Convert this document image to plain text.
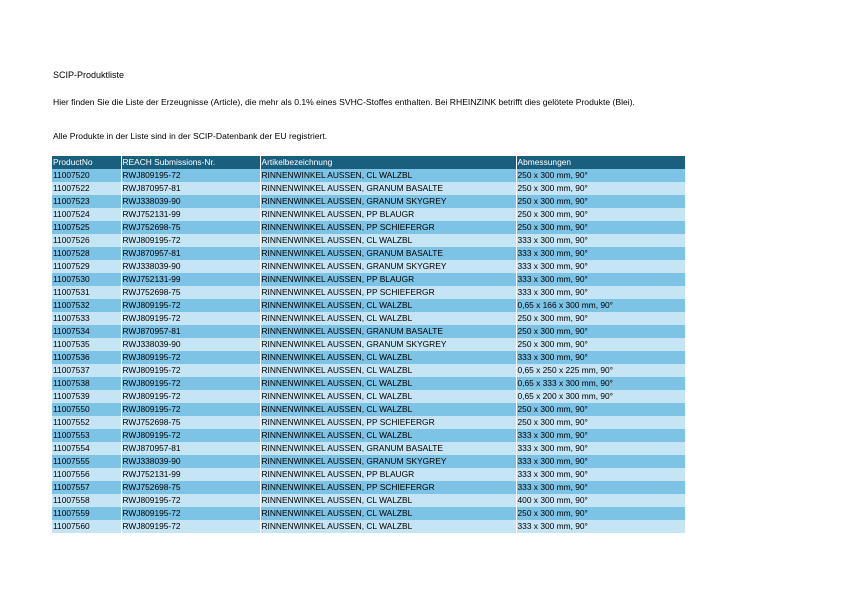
SCIP-Produktliste
Hier finden Sie die Liste der Erzeugnisse (Article), die mehr als 0.1% eines SVHC-Stoffes enthalten. Bei RHEINZINK betrifft dies gelötete Produkte (Blei).
Alle Produkte in der Liste sind in der SCIP-Datenbank der EU registriert.
ProductNo	REACH Submissions-Nr.	Artikelbezeichnung	Abmessungen
11007520	RWJ809195-72	RINNENWINKEL AUSSEN, CL WALZBL	250 x 300 mm, 90°
11007522	RWJ870957-81	RINNENWINKEL AUSSEN, GRANUM BASALTE	250 x 300 mm, 90°
11007523	RWJ338039-90	RINNENWINKEL AUSSEN, GRANUM SKYGREY	250 x 300 mm, 90°
11007524	RWJ752131-99	RINNENWINKEL AUSSEN, PP BLAUGR	250 x 300 mm, 90°
11007525	RWJ752698-75	RINNENWINKEL AUSSEN, PP SCHIEFERGR	250 x 300 mm, 90°
11007526	RWJ809195-72	RINNENWINKEL AUSSEN, CL WALZBL	333 x 300 mm, 90°
11007528	RWJ870957-81	RINNENWINKEL AUSSEN, GRANUM BASALTE	333 x 300 mm, 90°
11007529	RWJ338039-90	RINNENWINKEL AUSSEN, GRANUM SKYGREY	333 x 300 mm, 90°
11007530	RWJ752131-99	RINNENWINKEL AUSSEN, PP BLAUGR	333 x 300 mm, 90°
11007531	RWJ752698-75	RINNENWINKEL AUSSEN, PP SCHIEFERGR	333 x 300 mm, 90°
11007532	RWJ809195-72	RINNENWINKEL AUSSEN, CL WALZBL	0,65 x 166 x 300 mm, 90°
11007533	RWJ809195-72	RINNENWINKEL AUSSEN, CL WALZBL	250 x 300 mm, 90°
11007534	RWJ870957-81	RINNENWINKEL AUSSEN, GRANUM BASALTE	250 x 300 mm, 90°
11007535	RWJ338039-90	RINNENWINKEL AUSSEN, GRANUM SKYGREY	250 x 300 mm, 90°
11007536	RWJ809195-72	RINNENWINKEL AUSSEN, CL WALZBL	333 x 300 mm, 90°
11007537	RWJ809195-72	RINNENWINKEL AUSSEN, CL WALZBL	0,65 x 250 x 225 mm, 90°
11007538	RWJ809195-72	RINNENWINKEL AUSSEN, CL WALZBL	0,65 x 333 x 300 mm, 90°
11007539	RWJ809195-72	RINNENWINKEL AUSSEN, CL WALZBL	0,65 x 200 x 300 mm, 90°
11007550	RWJ809195-72	RINNENWINKEL AUSSEN, CL WALZBL	250 x 300 mm, 90°
11007552	RWJ752698-75	RINNENWINKEL AUSSEN, PP SCHIEFERGR	250 x 300 mm, 90°
11007553	RWJ809195-72	RINNENWINKEL AUSSEN, CL WALZBL	333 x 300 mm, 90°
11007554	RWJ870957-81	RINNENWINKEL AUSSEN, GRANUM BASALTE	333 x 300 mm, 90°
11007555	RWJ338039-90	RINNENWINKEL AUSSEN, GRANUM SKYGREY	333 x 300 mm, 90°
11007556	RWJ752131-99	RINNENWINKEL AUSSEN, PP BLAUGR	333 x 300 mm, 90°
11007557	RWJ752698-75	RINNENWINKEL AUSSEN, PP SCHIEFERGR	333 x 300 mm, 90°
11007558	RWJ809195-72	RINNENWINKEL AUSSEN, CL WALZBL	400 x 300 mm, 90°
11007559	RWJ809195-72	RINNENWINKEL AUSSEN, CL WALZBL	250 x 300 mm, 90°
11007560	RWJ809195-72	RINNENWINKEL AUSSEN, CL WALZBL	333 x 300 mm, 90°
